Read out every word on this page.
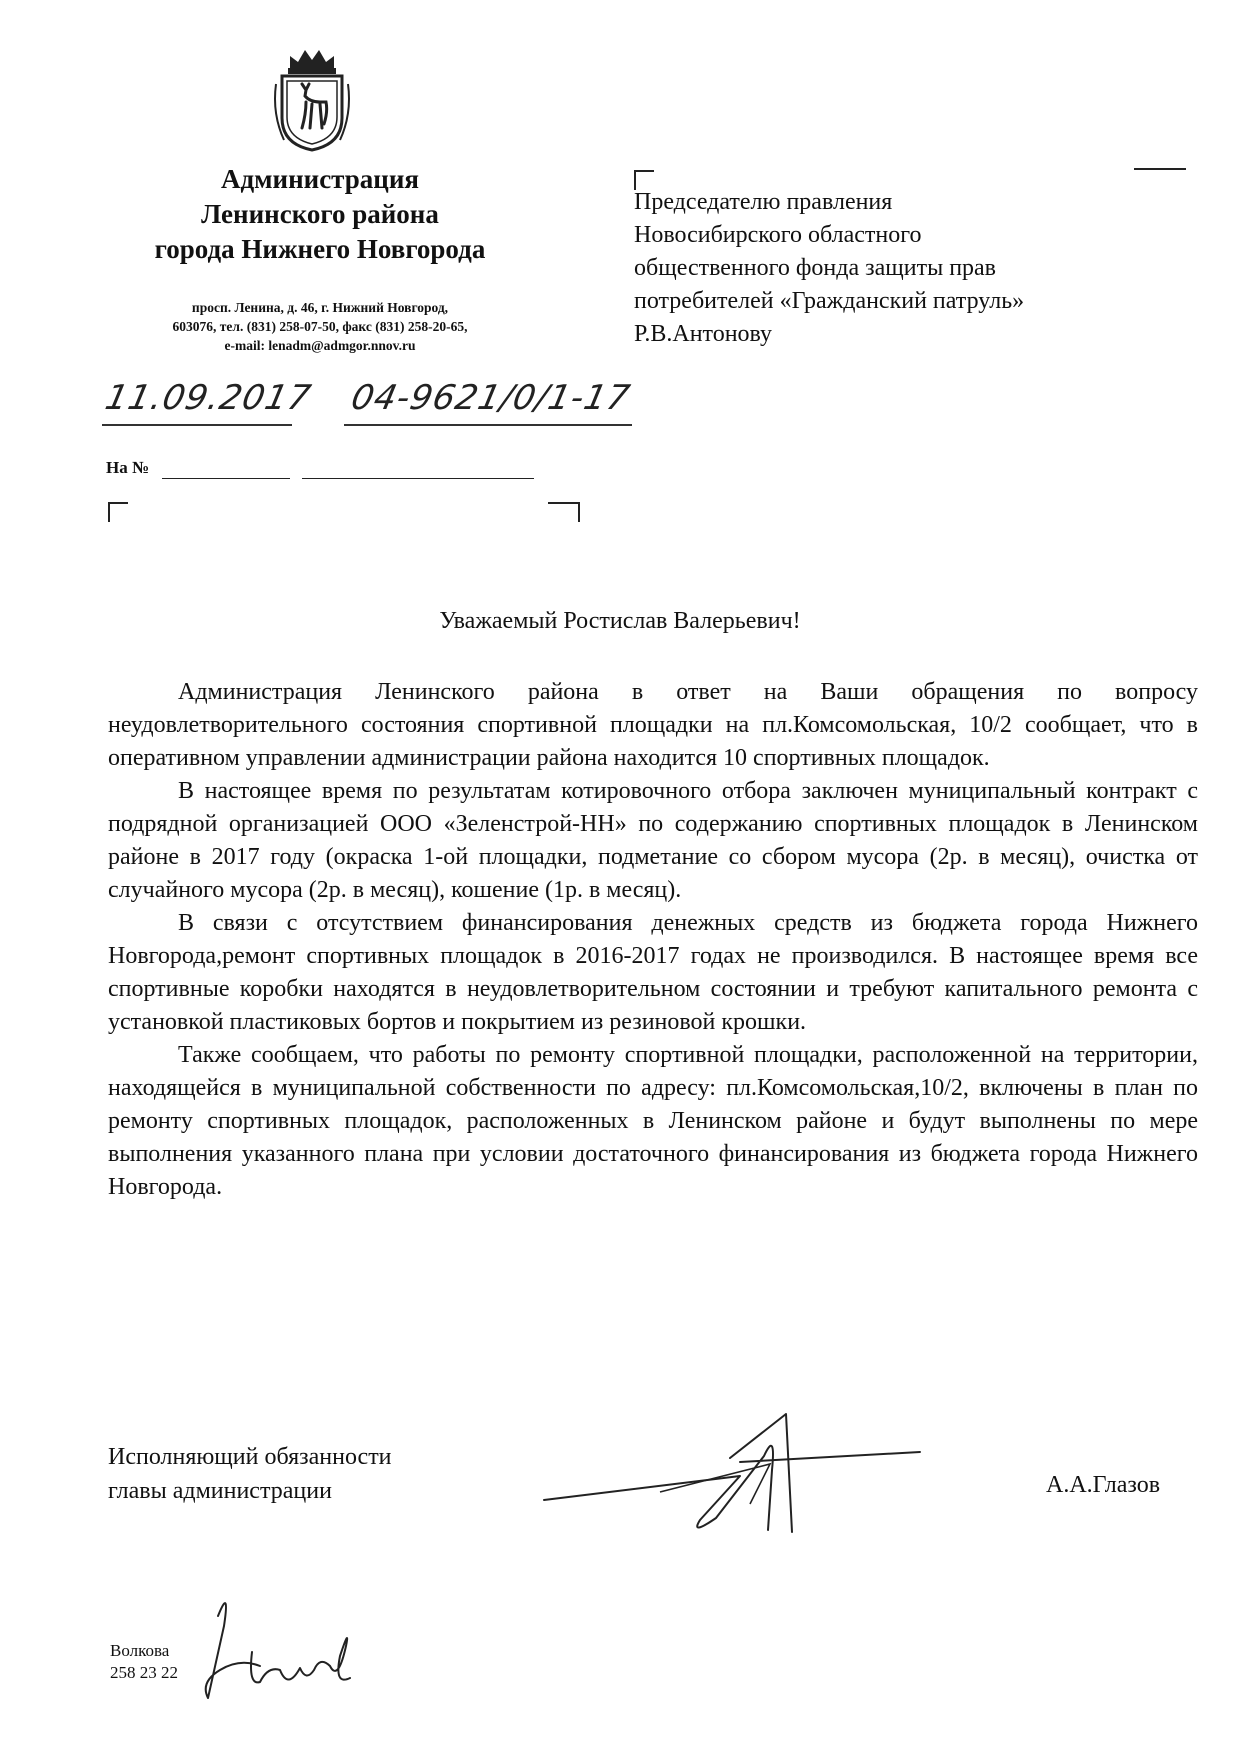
Администрация
Ленинского района
города Нижнего Новгорода
просп. Ленина, д. 46, г. Нижний Новгород,
603076, тел. (831) 258-07-50, факс (831) 258-20-65,
e-mail: lenadm@admgor.nnov.ru
11.09.2017 04-9621/0/1-17
На №
Председателю правления
Новосибирского областного
общественного фонда защиты прав
потребителей «Гражданский патруль»
Р.В.Антонову
Уважаемый Ростислав Валерьевич!

Администрация Ленинского района в ответ на Ваши обращения по вопросу неудовлетворительного состояния спортивной площадки на пл.Комсомольская, 10/2 сообщает, что в оперативном управлении администрации района находится 10 спортивных площадок.

В настоящее время по результатам котировочного отбора заключен муниципальный контракт с подрядной организацией ООО «Зеленстрой-НН» по содержанию спортивных площадок в Ленинском районе в 2017 году (окраска 1-ой площадки, подметание со сбором мусора (2р. в месяц), очистка от случайного мусора (2р. в месяц), кошение (1р. в месяц).

В связи с отсутствием финансирования денежных средств из бюджета города Нижнего Новгорода,ремонт спортивных площадок в 2016-2017 годах не производился. В настоящее время все спортивные коробки находятся в неудовлетворительном состоянии и требуют капитального ремонта с установкой пластиковых бортов и покрытием из резиновой крошки.

Также сообщаем, что работы по ремонту спортивной площадки, расположенной на территории, находящейся в муниципальной собственности по адресу: пл.Комсомольская,10/2, включены в план по ремонту спортивных площадок, расположенных в Ленинском районе и будут выполнены по мере выполнения указанного плана при условии достаточного финансирования из бюджета города Нижнего Новгорода.

Исполняющий обязанности
главы администрации	А.А.Глазов
Волкова
258 23 22
